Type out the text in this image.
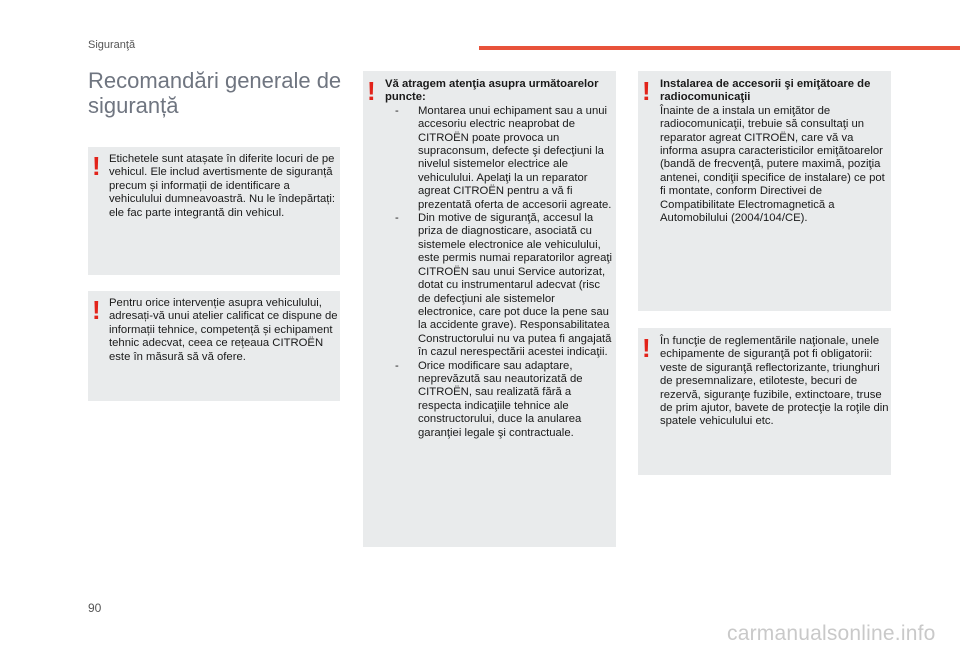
Siguranţă
Recomandări generale de siguranță
! Etichetele sunt atașate în diferite locuri de pe vehicul. Ele includ avertismente de siguranță precum și informații de identificare a vehiculului dumneavoastră. Nu le îndepărtați: ele fac parte integrantă din vehicul.
! Pentru orice intervenție asupra vehiculului, adresați-vă unui atelier calificat ce dispune de informații tehnice, competență și echipament tehnic adecvat, ceea ce rețeaua CITROËN este în măsură să vă ofere.
! Vă atragem atenţia asupra următoarelor puncte:

- Montarea unui echipament sau a unui accesoriu electric neaprobat de CITROËN poate provoca un supraconsum, defecte şi defecţiuni la nivelul sistemelor electrice ale vehiculului. Apelaţi la un reparator agreat CITROËN pentru a vă fi prezentată oferta de accesorii agreate.
- Din motive de siguranţă, accesul la priza de diagnosticare, asociată cu sistemele electronice ale vehiculului, este permis numai reparatorilor agreaţi CITROËN sau unui Service autorizat, dotat cu instrumentarul adecvat (risc de defecţiuni ale sistemelor electronice, care pot duce la pene sau la accidente grave). Responsabilitatea Constructorului nu va putea fi angajată în cazul nerespectării acestei indicaţii.
- Orice modificare sau adaptare, neprevăzută sau neautorizată de CITROËN, sau realizată fără a respecta indicaţiile tehnice ale constructorului, duce la anularea garanţiei legale şi contractuale.
! Instalarea de accesorii şi emiţătoare de radiocomunicaţii

Înainte de a instala un emiţător de radiocomunicaţii, trebuie să consultaţi un reparator agreat CITROËN, care vă va informa asupra caracteristicilor emiţătoarelor (bandă de frecvenţă, putere maximă, poziţia antenei, condiţii specifice de instalare) ce pot fi montate, conform Directivei de Compatibilitate Electromagnetică a Automobilului (2004/104/CE).

! În funcţie de reglementările naţionale, unele echipamente de siguranţă pot fi obligatorii: veste de siguranţă reflectorizante, triunghuri de presemnalizare, etiloteste, becuri de rezervă, siguranţe fuzibile, extinctoare, truse de prim ajutor, bavete de protecţie la roţile din spatele vehiculului etc.
90
carmanualsonline.info
